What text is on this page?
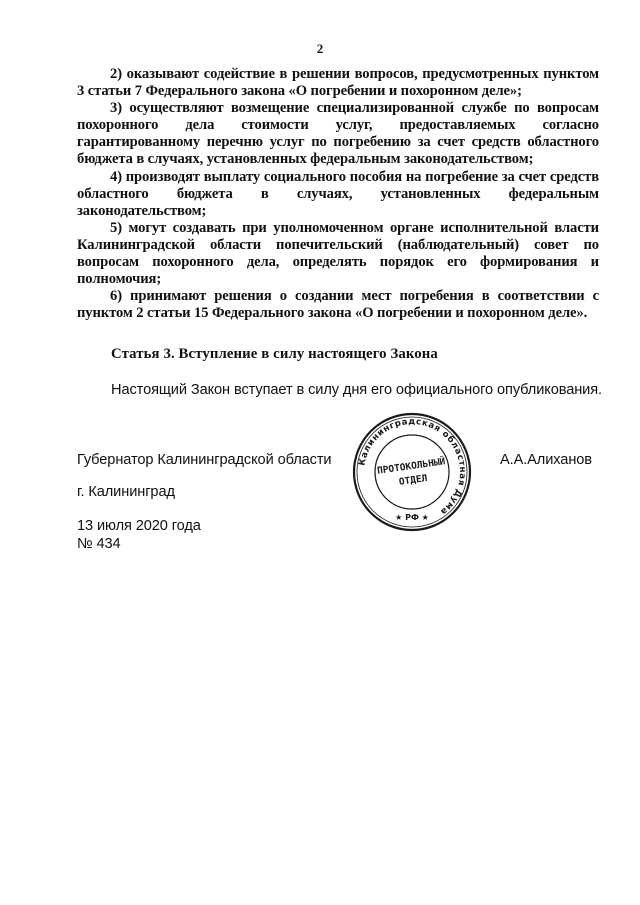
2

2) оказывают содействие в решении вопросов, предусмотренных пунктом 3 статьи 7 Федерального закона «О погребении и похоронном деле»;

3) осуществляют возмещение специализированной службе по вопросам похоронного дела стоимости услуг, предоставляемых согласно гарантированному перечню услуг по погребению за счет средств областного бюджета в случаях, установленных федеральным законодательством;

4) производят выплату социального пособия на погребение за счет средств областного бюджета в случаях, установленных федеральным законодательством;

5) могут создавать при уполномоченном органе исполнительной власти Калининградской области попечительский (наблюдательный) совет по вопросам похоронного дела, определять порядок его формирования и полномочия;

6) принимают решения о создании мест погребения в соответствии с пунктом 2 статьи 15 Федерального закона «О погребении и похоронном деле».

Статья 3. Вступление в силу настоящего Закона
Настоящий Закон вступает в силу дня его официального опубликования.
Губернатор Калининградской области	А.А.Алиханов
г. Калининград
13 июля 2020 года
№ 434
Калининградская областная Дума
ПРОТОКОЛЬНЫЙ
ОТДЕЛ
★ РФ ★
